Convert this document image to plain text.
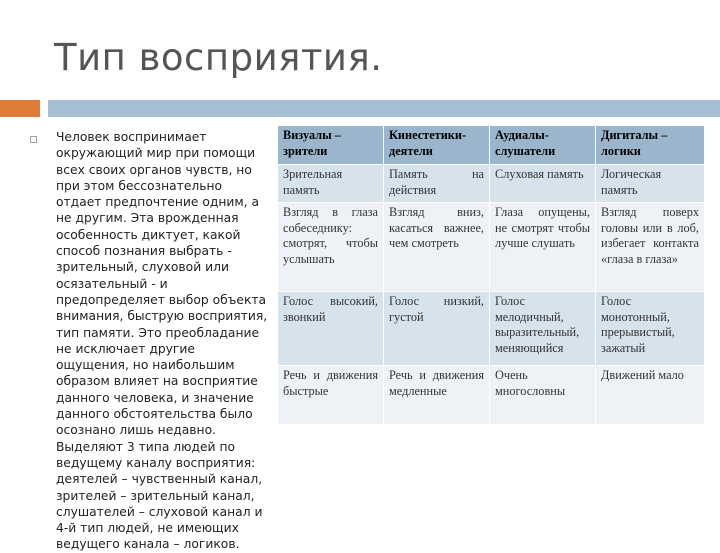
Тип восприятия.
Человек воспринимает окружающий мир при помощи всех своих органов чувств, но при этом бессознательно отдает предпочтение одним, а не другим. Эта врожденная особенность диктует, какой способ познания выбрать - зрительный, слуховой или осязательный - и предопределяет выбор объекта внимания, быструю восприятия, тип памяти. Это преобладание не исключает другие ощущения, но наибольшим образом влияет на восприятие данного человека, и значение данного обстоятельства было осознано лишь недавно. Выделяют 3 типа людей по ведущему каналу восприятия: деятелей – чувственный канал, зрителей – зрительный канал, слушателей – слуховой канал и 4-й тип людей, не имеющих ведущего канала – логиков.
Визуалы – зрители	Кинестетики- деятели	Аудиалы- слушатели	Дигиталы – логики
Зрительная память	Память на действия	Слуховая память	Логическая память
Взгляд в глаза собеседнику: смотрят, чтобы услышать	Взгляд вниз, касаться важнее, чем смотреть	Глаза опущены, не смотрят чтобы лучше слушать	Взгляд поверх головы или в лоб, избегает контакта «глаза в глаза»
Голос высокий, звонкий	Голос низкий, густой	Голос мелодичный, выразительный, меняющийся	Голос монотонный, прерывистый, зажатый
Речь и движения быстрые	Речь и движения медленные	Очень многословны	Движений мало
